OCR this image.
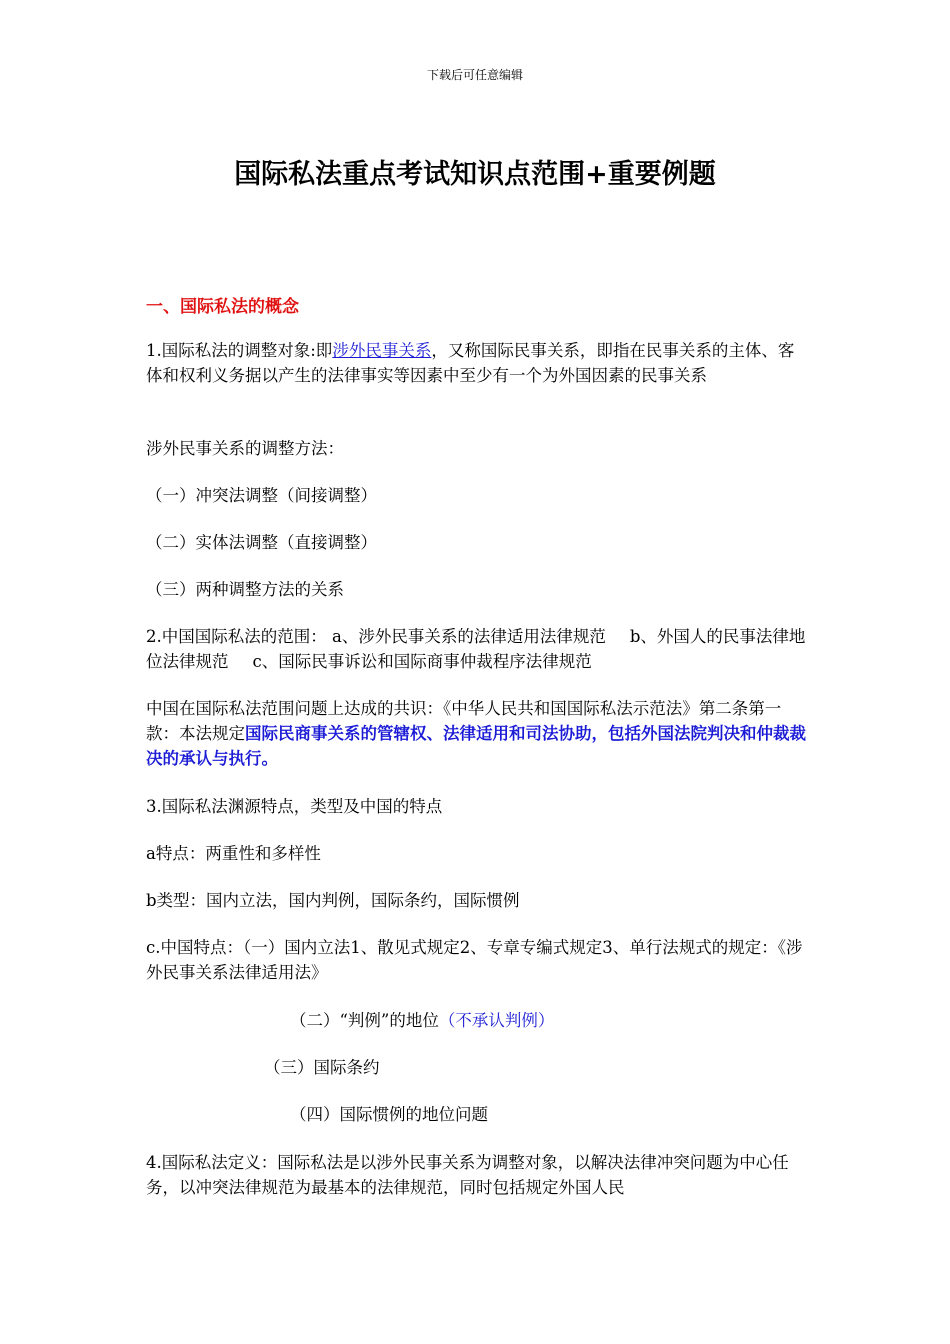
下载后可任意编辑
国际私法重点考试知识点范围+重要例题
一、国际私法的概念
1.国际私法的调整对象:即涉外民事关系，又称国际民事关系，即指在民事关系的主体、客体和权利义务据以产生的法律事实等因素中至少有一个为外国因素的民事关系
涉外民事关系的调整方法：
（一）冲突法调整（间接调整）
（二）实体法调整（直接调整）
（三）两种调整方法的关系
2.中国国际私法的范围： a、涉外民事关系的法律适用法律规范 b、外国人的民事法律地位法律规范 c、国际民事诉讼和国际商事仲裁程序法律规范
中国在国际私法范围问题上达成的共识：《中华人民共和国国际私法示范法》第二条第一款：本法规定国际民商事关系的管辖权、法律适用和司法协助，包括外国法院判决和仲裁裁决的承认与执行。
3.国际私法渊源特点，类型及中国的特点
a特点：两重性和多样性
b类型：国内立法，国内判例，国际条约，国际惯例
c.中国特点：（一）国内立法1、散见式规定2、专章专编式规定3、单行法规式的规定：《涉外民事关系法律适用法》
（二）“判例”的地位（不承认判例）
（三）国际条约
（四）国际惯例的地位问题
4.国际私法定义：国际私法是以涉外民事关系为调整对象，以解决法律冲突问题为中心任务，以冲突法律规范为最基本的法律规范，同时包括规定外国人民
